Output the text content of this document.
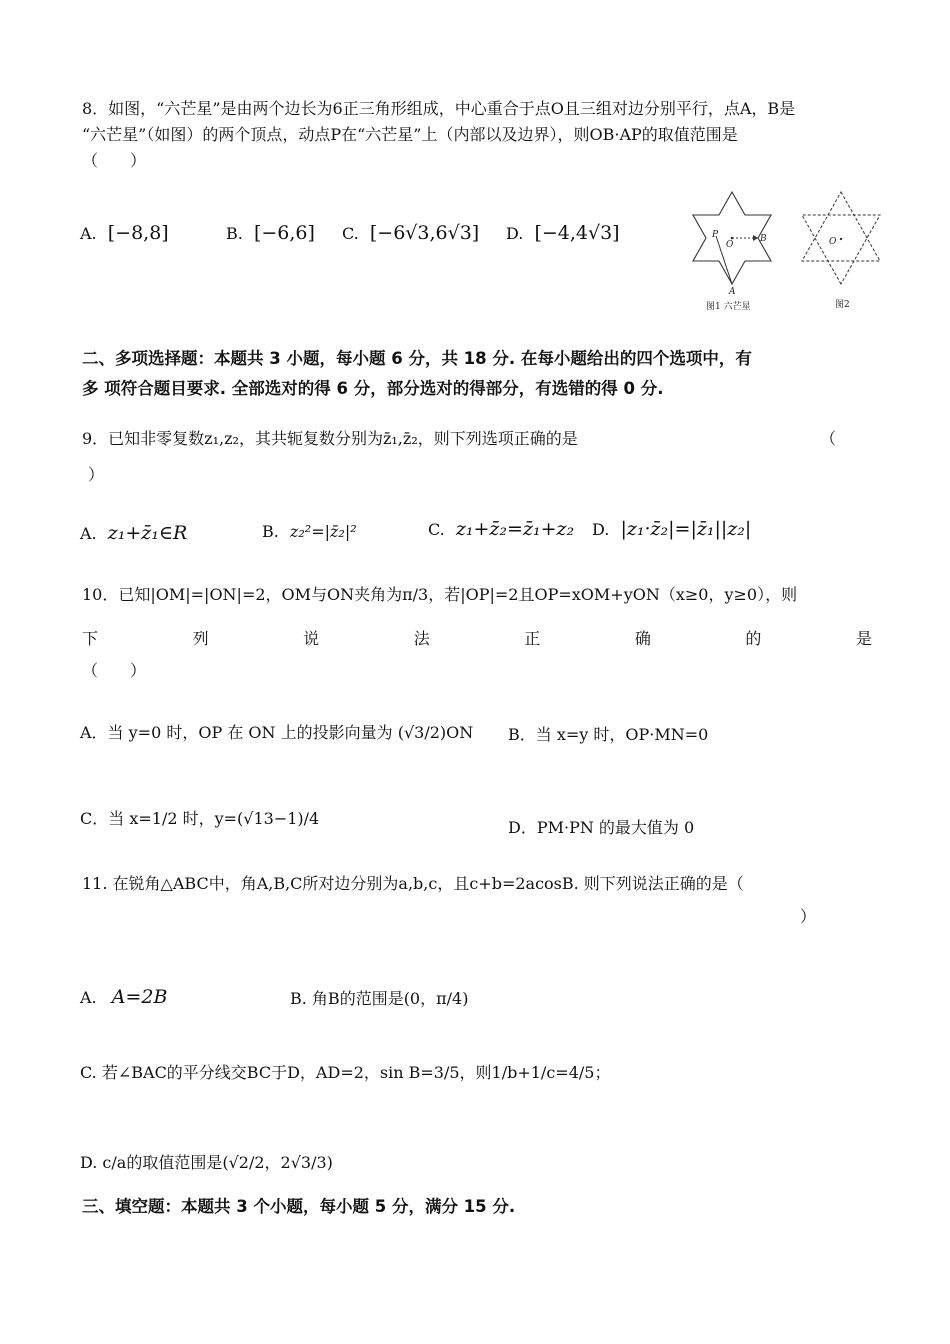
8．如图，“六芒星”是由两个边长为6正三角形组成，中心重合于点O且三组对边分别平行，点A，B是
“六芒星”（如图）的两个顶点，动点P在“六芒星”上（内部以及边界），则OB·AP的取值范围是
（　　）
A. [−8,8]	B. [−6,6] C. [−6√3,6√3] D. [−4,4√3]	P
O
B
A
图1 六芒星
O
图2
二、多项选择题：本题共 3 小题，每小题 6 分，共 18 分. 在每小题给出的四个选项中，有
多 项符合题目要求. 全部选对的得 6 分，部分选对的得部分，有选错的得 0 分.
9．已知非零复数z₁,z₂，其共轭复数分别为z̄₁,z̄₂，则下列选项正确的是	（
）
A. z₁+z̄₁∈R	B. z₂²=|z̄₂|²	C. z₁+z̄₂=z̄₁+z₂ D. |z₁·z̄₂|=|z̄₁||z₂|
10．已知|OM|=|ON|=2，OM与ON夹角为π/3，若|OP|=2且OP=xOM+yON（x≥0，y≥0），则
下	列	说	法	正	确	的	是
（　　）
A．当 y=0 时，OP 在 ON 上的投影向量为 (√3/2)ON B．当 x=y 时，OP·MN=0
C．当 x=1/2 时，y=(√13−1)/4	D．PM·PN 的最大值为 0
11. 在锐角△ABC中，角A,B,C所对边分别为a,b,c，且c+b=2acosB. 则下列说法正确的是（
）
A. A=2B	B. 角B的范围是(0，π/4)
C. 若∠BAC的平分线交BC于D，AD=2，sin B=3/5，则1/b+1/c=4/5；
D. c/a的取值范围是(√2/2，2√3/3)
三、填空题：本题共 3 个小题，每小题 5 分，满分 15 分.
